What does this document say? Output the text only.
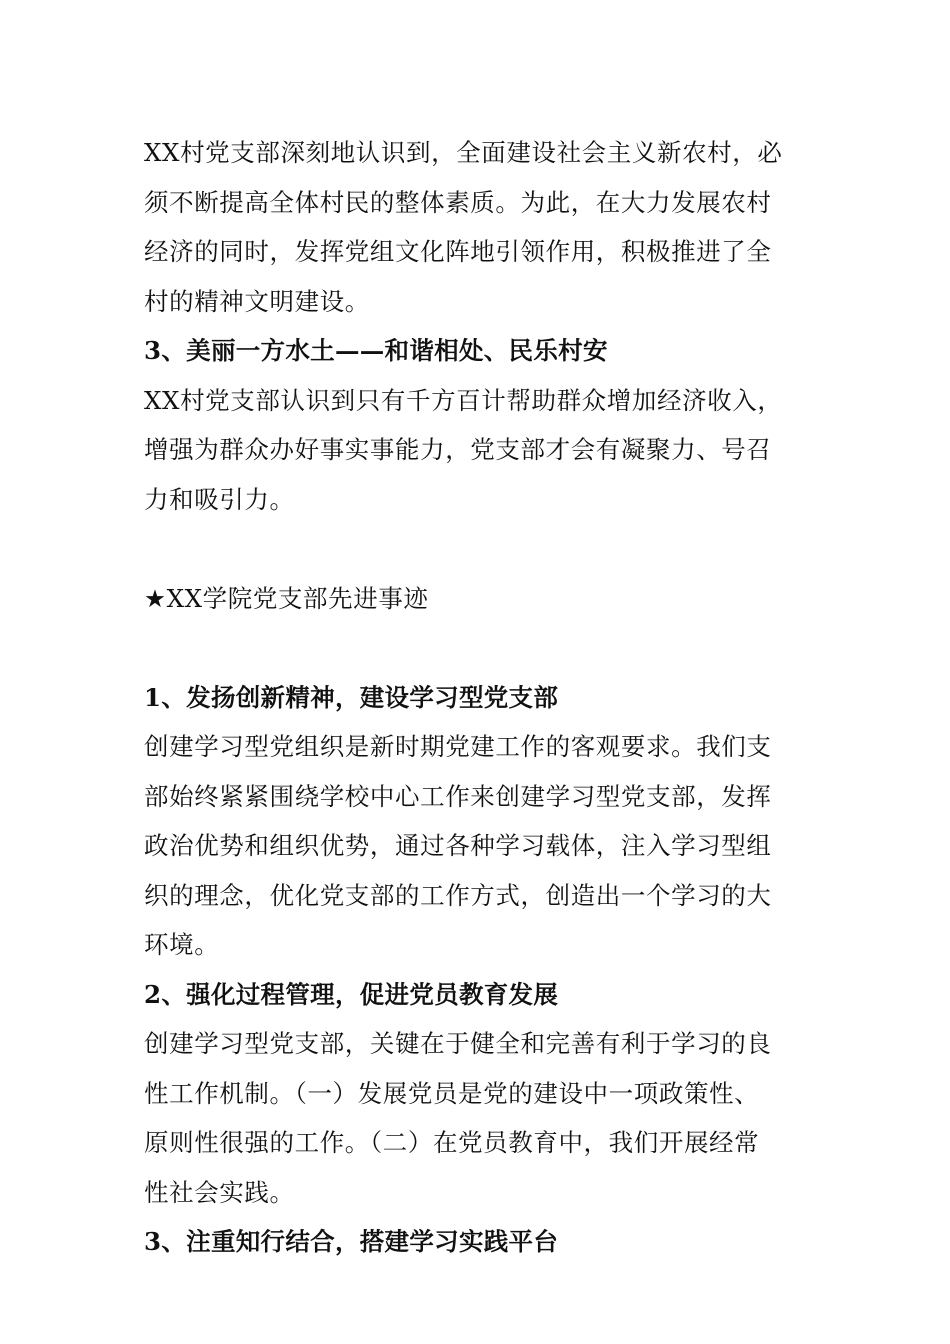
XX村党支部深刻地认识到，全面建设社会主义新农村，必
须不断提高全体村民的整体素质。为此，在大力发展农村
经济的同时，发挥党组文化阵地引领作用，积极推进了全
村的精神文明建设。
3、美丽一方水土——和谐相处、民乐村安
XX村党支部认识到只有千方百计帮助群众增加经济收入，
增强为群众办好事实事能力，党支部才会有凝聚力、号召
力和吸引力。
★XX学院党支部先进事迹
1、发扬创新精神，建设学习型党支部
创建学习型党组织是新时期党建工作的客观要求。我们支
部始终紧紧围绕学校中心工作来创建学习型党支部，发挥
政治优势和组织优势，通过各种学习载体，注入学习型组
织的理念，优化党支部的工作方式，创造出一个学习的大
环境。
2、强化过程管理，促进党员教育发展
创建学习型党支部，关键在于健全和完善有利于学习的良
性工作机制。（一）发展党员是党的建设中一项政策性、
原则性很强的工作。（二）在党员教育中，我们开展经常
性社会实践。
3、注重知行结合，搭建学习实践平台
